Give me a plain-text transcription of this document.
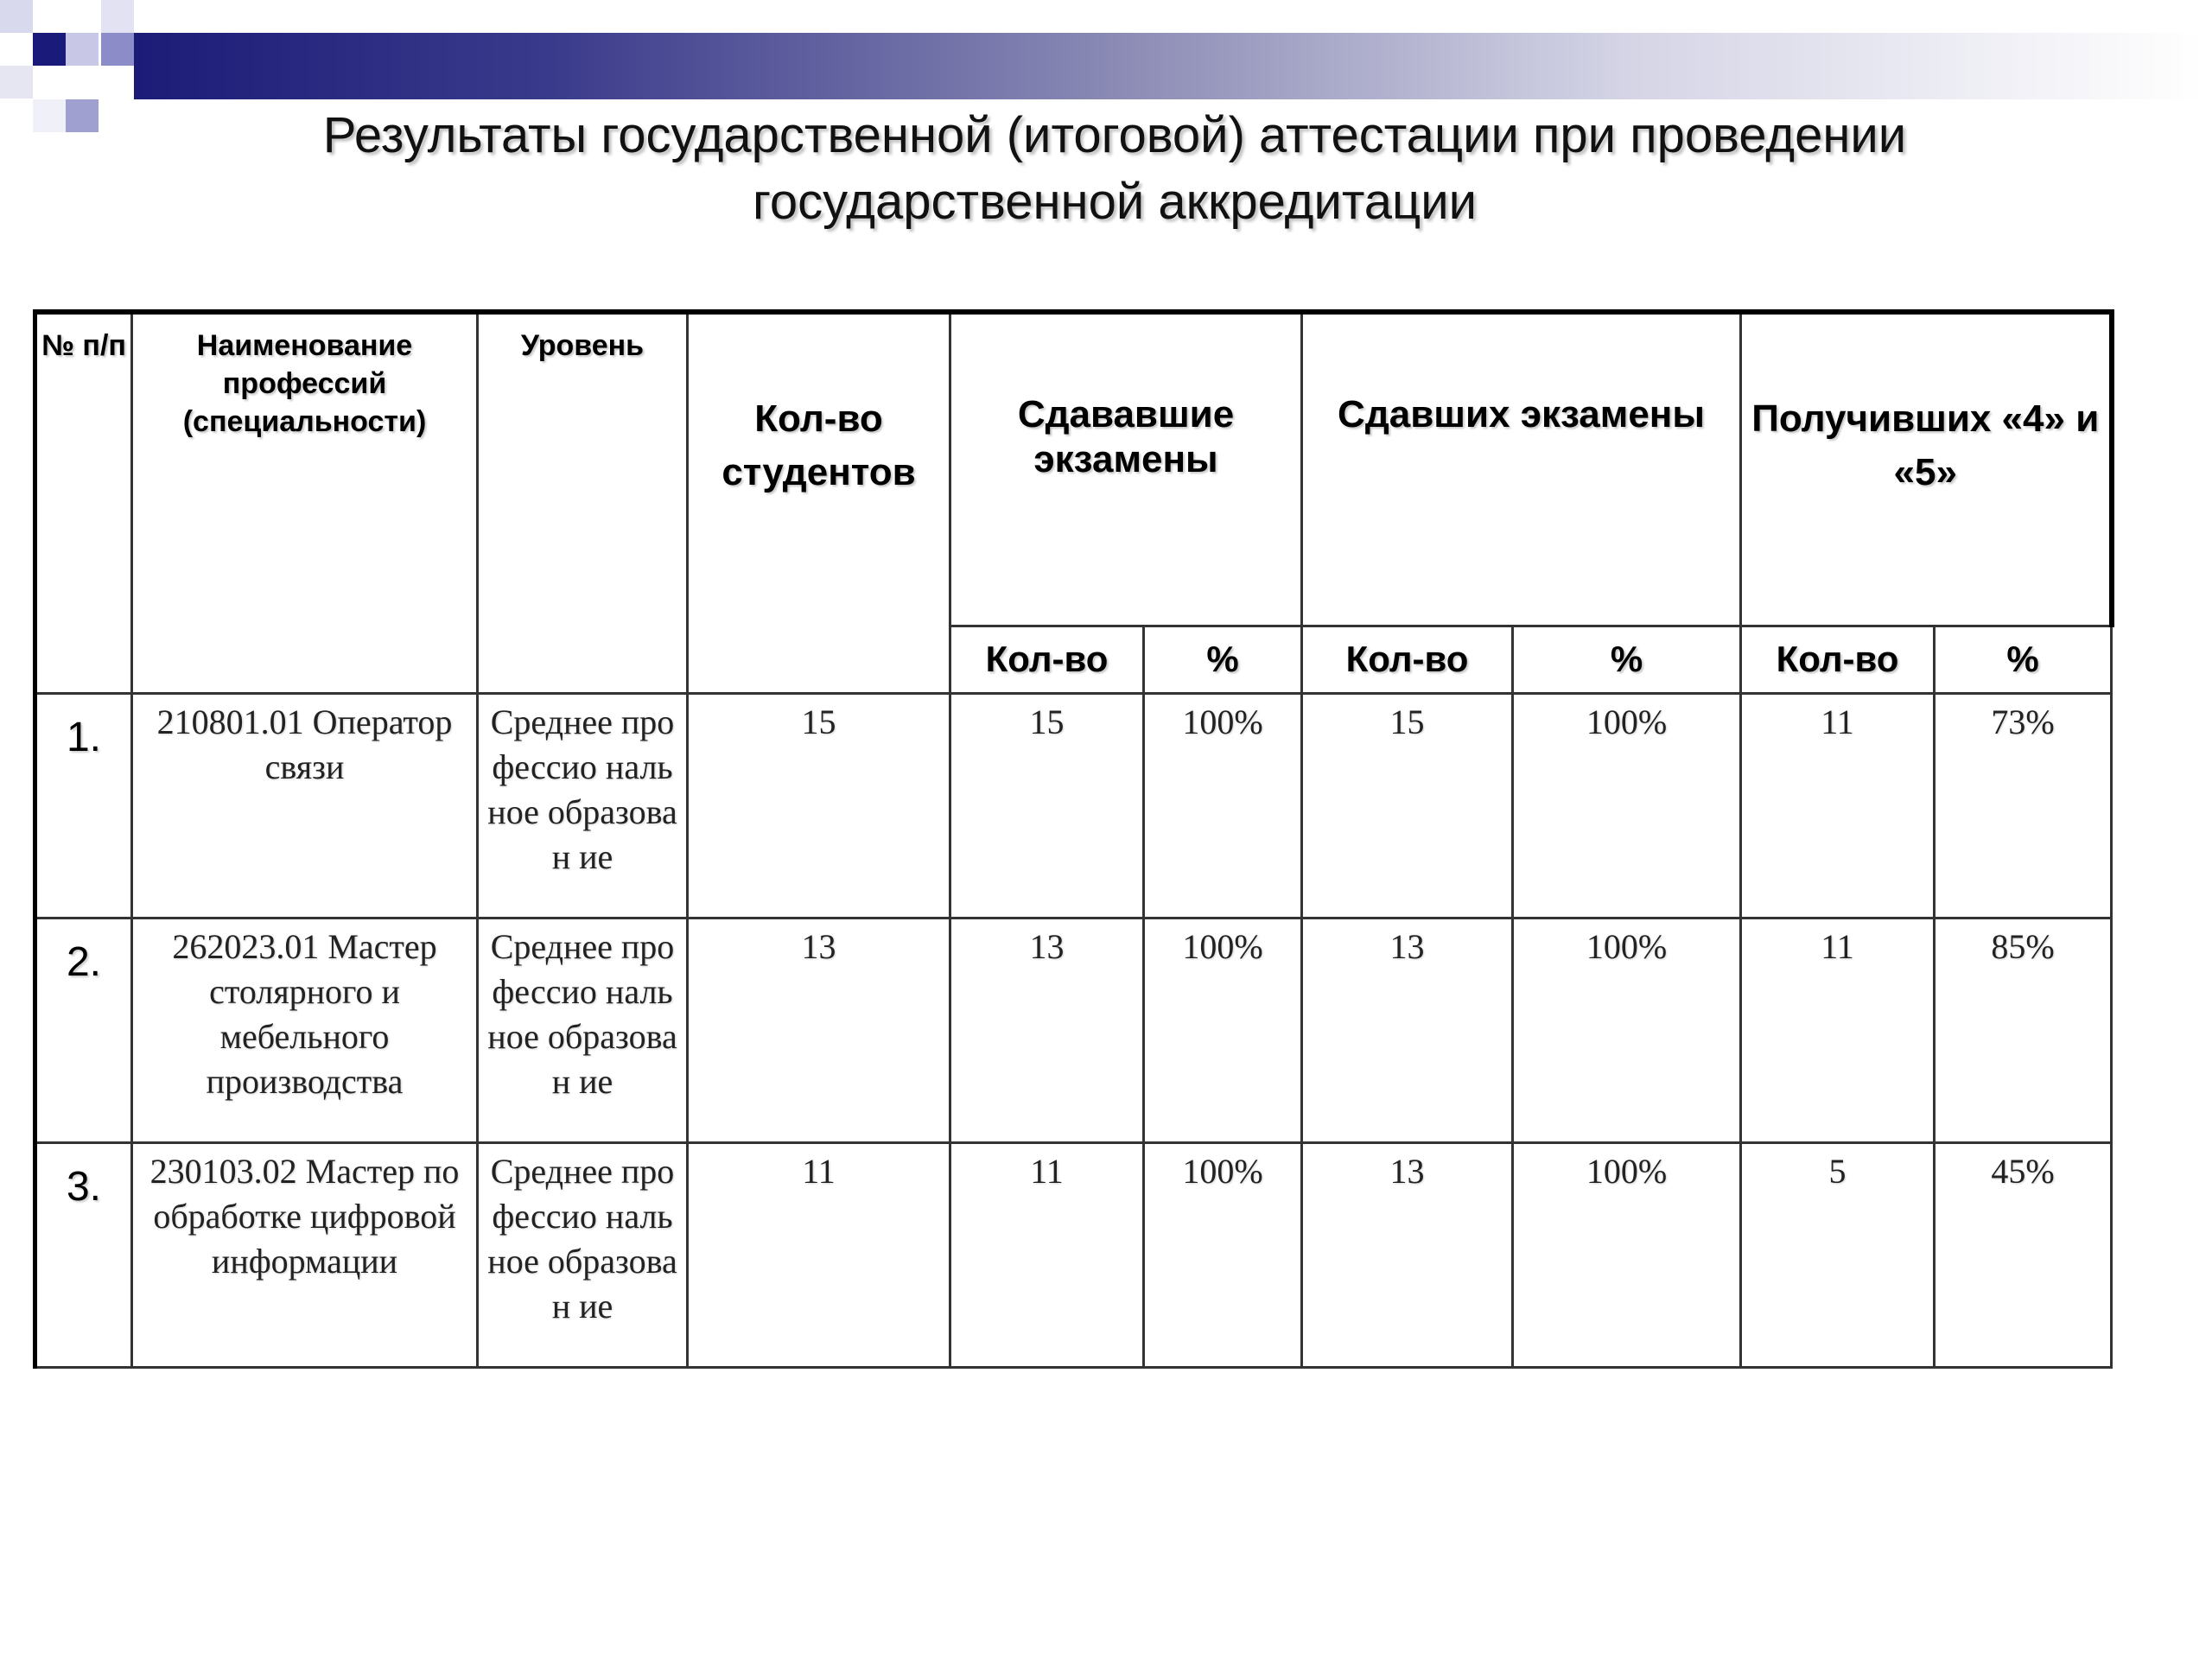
Результаты государственной (итоговой) аттестации при проведении государственной аккредитации
№ п/п	Наименование профессий (специальности)	Уровень	Кол-во студентов	Сдававшие экзамены		Сдавших экзамены		Получивших «4» и «5»	
				Кол-во	%	Кол-во	%	Кол-во	%
1.	210801.01 Оператор связи	Среднее профессио нальное образован ие	15	15	100%	15	100%	11	73%
2.	262023.01 Мастер столярного и мебельного производства	Среднее профессио нальное образован ие	13	13	100%	13	100%	11	85%
3.	230103.02 Мастер по обработке цифровой информации	Среднее профессио нальное образован ие	11	11	100%	13	100%	5	45%
